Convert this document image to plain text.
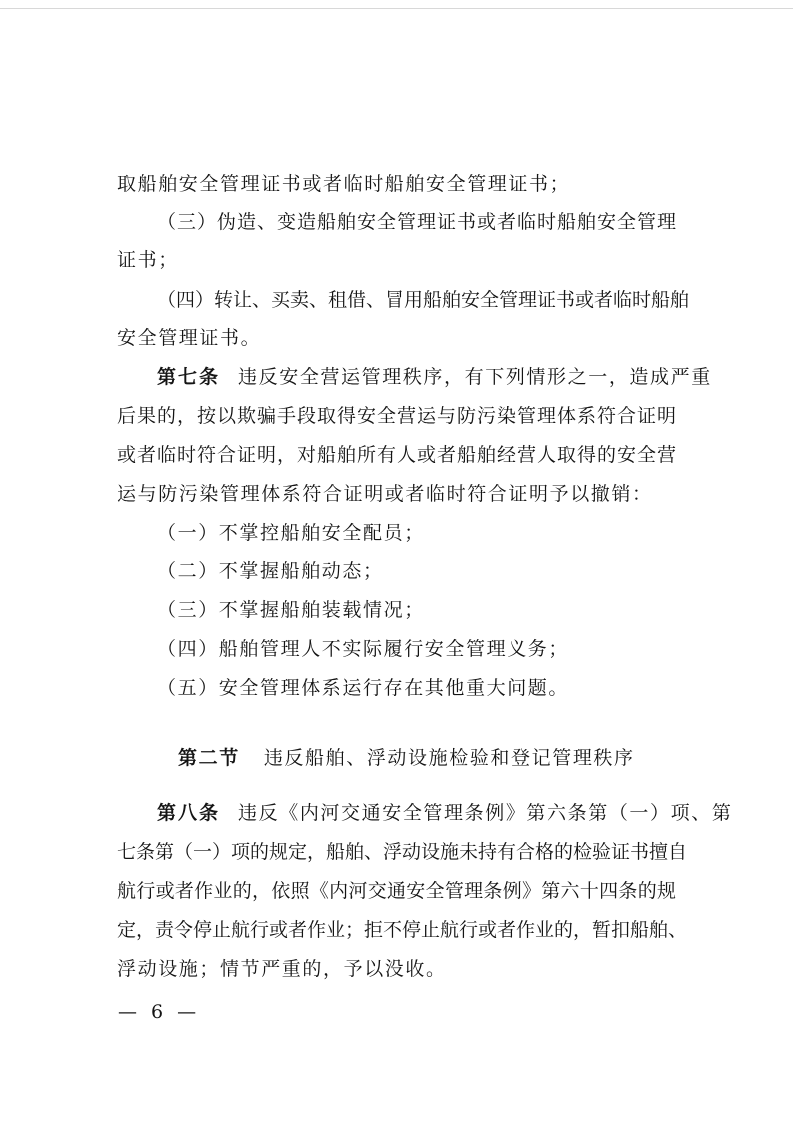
取船舶安全管理证书或者临时船舶安全管理证书；
（三）伪造、变造船舶安全管理证书或者临时船舶安全管理
证书；
（四）转让、买卖、租借、冒用船舶安全管理证书或者临时船舶
安全管理证书。
第七条 违反安全营运管理秩序，有下列情形之一，造成严重
后果的，按以欺骗手段取得安全营运与防污染管理体系符合证明
或者临时符合证明，对船舶所有人或者船舶经营人取得的安全营
运与防污染管理体系符合证明或者临时符合证明予以撤销：
（一）不掌控船舶安全配员；
（二）不掌握船舶动态；
（三）不掌握船舶装载情况；
（四）船舶管理人不实际履行安全管理义务；
（五）安全管理体系运行存在其他重大问题。
第二节 违反船舶、浮动设施检验和登记管理秩序
第八条 违反《内河交通安全管理条例》第六条第（一）项、第
七条第（一）项的规定，船舶、浮动设施未持有合格的检验证书擅自
航行或者作业的，依照《内河交通安全管理条例》第六十四条的规
定，责令停止航行或者作业；拒不停止航行或者作业的，暂扣船舶、
浮动设施；情节严重的，予以没收。
— 6 —
